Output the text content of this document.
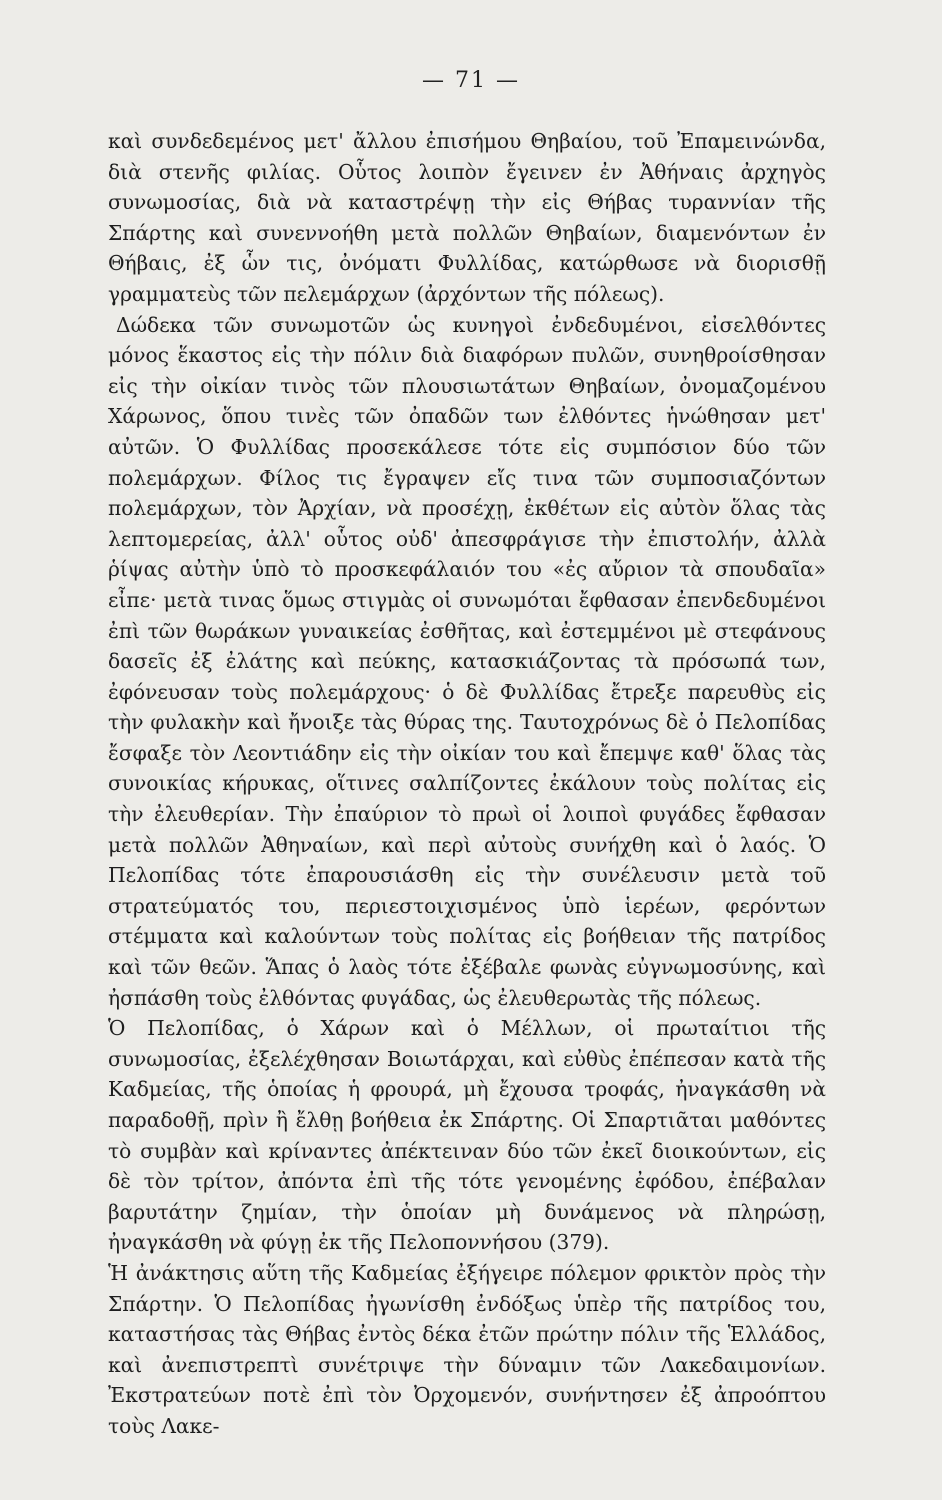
— 71 —

καὶ συνδεδεμένος μετ' ἄλλου ἐπισήμου Θηβαίου, τοῦ Ἐπαμεινώνδα, διὰ στενῆς φιλίας. Οὗτος λοιπὸν ἔγεινεν ἐν Ἀθήναις ἀρχηγὸς συνωμοσίας, διὰ νὰ καταστρέψῃ τὴν εἰς Θήβας τυραννίαν τῆς Σπάρτης καὶ συνεννοήθη μετὰ πολλῶν Θηβαίων, διαμενόντων ἐν Θήβαις, ἐξ ὧν τις, ὀνόματι Φυλλίδας, κατώρθωσε νὰ διορισθῇ γραμματεὺς τῶν πελεμάρχων (ἀρχόντων τῆς πόλεως).

Δώδεκα τῶν συνωμοτῶν ὡς κυνηγοὶ ἐνδεδυμένοι, εἰσελθόντες μόνος ἕκαστος εἰς τὴν πόλιν διὰ διαφόρων πυλῶν, συνηθροίσθησαν εἰς τὴν οἰκίαν τινὸς τῶν πλουσιωτάτων Θηβαίων, ὀνομαζομένου Χάρωνος, ὅπου τινὲς τῶν ὀπαδῶν των ἐλθόντες ἡνώθησαν μετ' αὐτῶν. Ὁ Φυλλίδας προσεκάλεσε τότε εἰς συμπόσιον δύο τῶν πολεμάρχων. Φίλος τις ἔγραψεν εἴς τινα τῶν συμποσιαζόντων πολεμάρχων, τὸν Ἀρχίαν, νὰ προσέχῃ, ἐκθέτων εἰς αὐτὸν ὅλας τὰς λεπτομερείας, ἀλλ' οὗτος οὐδ' ἀπεσφράγισε τὴν ἐπιστολήν, ἀλλὰ ῥίψας αὐτὴν ὑπὸ τὸ προσκεφάλαιόν του «ἐς αὔριον τὰ σπουδαῖα» εἶπε· μετὰ τινας ὅμως στιγμὰς οἱ συνωμόται ἔφθασαν ἐπενδεδυμένοι ἐπὶ τῶν θωράκων γυναικείας ἐσθῆτας, καὶ ἐστεμμένοι μὲ στεφάνους δασεῖς ἐξ ἐλάτης καὶ πεύκης, κατασκιάζοντας τὰ πρόσωπά των, ἐφόνευσαν τοὺς πολεμάρχους· ὁ δὲ Φυλλίδας ἔτρεξε παρευθὺς εἰς τὴν φυλακὴν καὶ ἤνοιξε τὰς θύρας της. Ταυτοχρόνως δὲ ὁ Πελοπίδας ἔσφαξε τὸν Λεοντιάδην εἰς τὴν οἰκίαν του καὶ ἔπεμψε καθ' ὅλας τὰς συνοικίας κήρυκας, οἵτινες σαλπίζοντες ἐκάλουν τοὺς πολίτας εἰς τὴν ἐλευθερίαν. Τὴν ἐπαύριον τὸ πρωὶ οἱ λοιποὶ φυγάδες ἔφθασαν μετὰ πολλῶν Ἀθηναίων, καὶ περὶ αὐτοὺς συνήχθη καὶ ὁ λαός. Ὁ Πελοπίδας τότε ἐπαρουσιάσθη εἰς τὴν συνέλευσιν μετὰ τοῦ στρατεύματός του, περιεστοιχισμένος ὑπὸ ἱερέων, φερόντων στέμματα καὶ καλούντων τοὺς πολίτας εἰς βοήθειαν τῆς πατρίδος καὶ τῶν θεῶν. Ἅπας ὁ λαὸς τότε ἐξέβαλε φωνὰς εὐγνωμοσύνης, καὶ ἠσπάσθη τοὺς ἐλθόντας φυγάδας, ὡς ἐλευθερωτὰς τῆς πόλεως.

Ὁ Πελοπίδας, ὁ Χάρων καὶ ὁ Μέλλων, οἱ πρωταίτιοι τῆς συνωμοσίας, ἐξελέχθησαν Βοιωτάρχαι, καὶ εὐθὺς ἐπέπεσαν κατὰ τῆς Καδμείας, τῆς ὁποίας ἡ φρουρά, μὴ ἔχουσα τροφάς, ἠναγκάσθη νὰ παραδοθῇ, πρὶν ἢ ἔλθῃ βοήθεια ἐκ Σπάρτης. Οἱ Σπαρτιᾶται μαθόντες τὸ συμβὰν καὶ κρίναντες ἀπέκτειναν δύο τῶν ἐκεῖ διοικούντων, εἰς δὲ τὸν τρίτον, ἀπόντα ἐπὶ τῆς τότε γενομένης ἐφόδου, ἐπέβαλαν βαρυτάτην ζημίαν, τὴν ὁποίαν μὴ δυνάμενος νὰ πληρώσῃ, ἠναγκάσθη νὰ φύγῃ ἐκ τῆς Πελοποννήσου (379).

Ἡ ἀνάκτησις αὕτη τῆς Καδμείας ἐξήγειρε πόλεμον φρικτὸν πρὸς τὴν Σπάρτην. Ὁ Πελοπίδας ἠγωνίσθη ἐνδόξως ὑπὲρ τῆς πατρίδος του, καταστήσας τὰς Θήβας ἐντὸς δέκα ἐτῶν πρώτην πόλιν τῆς Ἑλλάδος, καὶ ἀνεπιστρεπτὶ συνέτριψε τὴν δύναμιν τῶν Λακεδαιμονίων. Ἐκστρατεύων ποτὲ ἐπὶ τὸν Ὀρχομενόν, συνήντησεν ἐξ ἀπροόπτου τοὺς Λακε-
